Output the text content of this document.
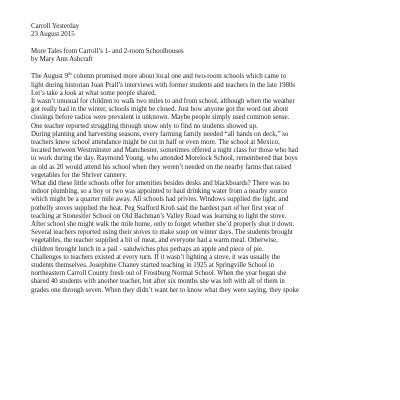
Carroll Yesterday

23 August 2015

More Tales from Carroll’s 1- and 2-room Schoolhouses

by Mary Ann Ashcraft

The August 9th column promised more about local one and two-room schools which came to
light during historian Joan Prall’s interviews with former students and teachers in the late 1980s
Let’s take a look at what some people shared.

It wasn’t unusual for children to walk two miles to and from school, although when the weather
got really bad in the winter, schools might be closed. Just how anyone got the word out about
closings before radios were prevalent is unknown. Maybe people simply used common sense.
One teacher reported struggling through snow only to find no students showed up.

During planting and harvesting seasons, every farming family needed “all hands on deck,” so
teachers knew school attendance might be cut in half or even more. The school at Mexico,
located between Westminster and Manchester, sometimes offered a night class for those who had
to work during the day. Raymond Young, who attended Morelock School, remembered that boys
as old as 20 would attend his school when they weren’t needed on the nearby farms that raised
vegetables for the Shriver cannery.

What did these little schools offer for amenities besides desks and blackboards? There was no
indoor plumbing, so a boy or two was appointed to haul drinking water from a nearby source
which might be a quarter mile away. All schools had privies. Windows supplied the light, and
potbelly stoves supplied the heat. Peg Stafford Kroh said the hardest part of her first year of
teaching at Stonesifer School on Old Bachman’s Valley Road was learning to light the stove.
After school she might walk the mile home, only to forget whether she’d properly shut it down.

Several teachers reported using their stoves to make soup on winter days. The students brought
vegetables, the teacher supplied a bit of meat, and everyone had a warm meal. Otherwise,
children brought lunch in a pail - sandwiches plus perhaps an apple and piece of pie.

Challenges to teachers existed at every turn. If it wasn’t lighting a stove, it was usually the
students themselves. Josephine Chaney started teaching in 1925 at Springville School in
northeastern Carroll County fresh out of Frostburg Normal School. When the year began she
shared 40 students with another teacher, but after six months she was left with all of them in
grades one through seven. When they didn’t want her to know what they were saying, they spoke
